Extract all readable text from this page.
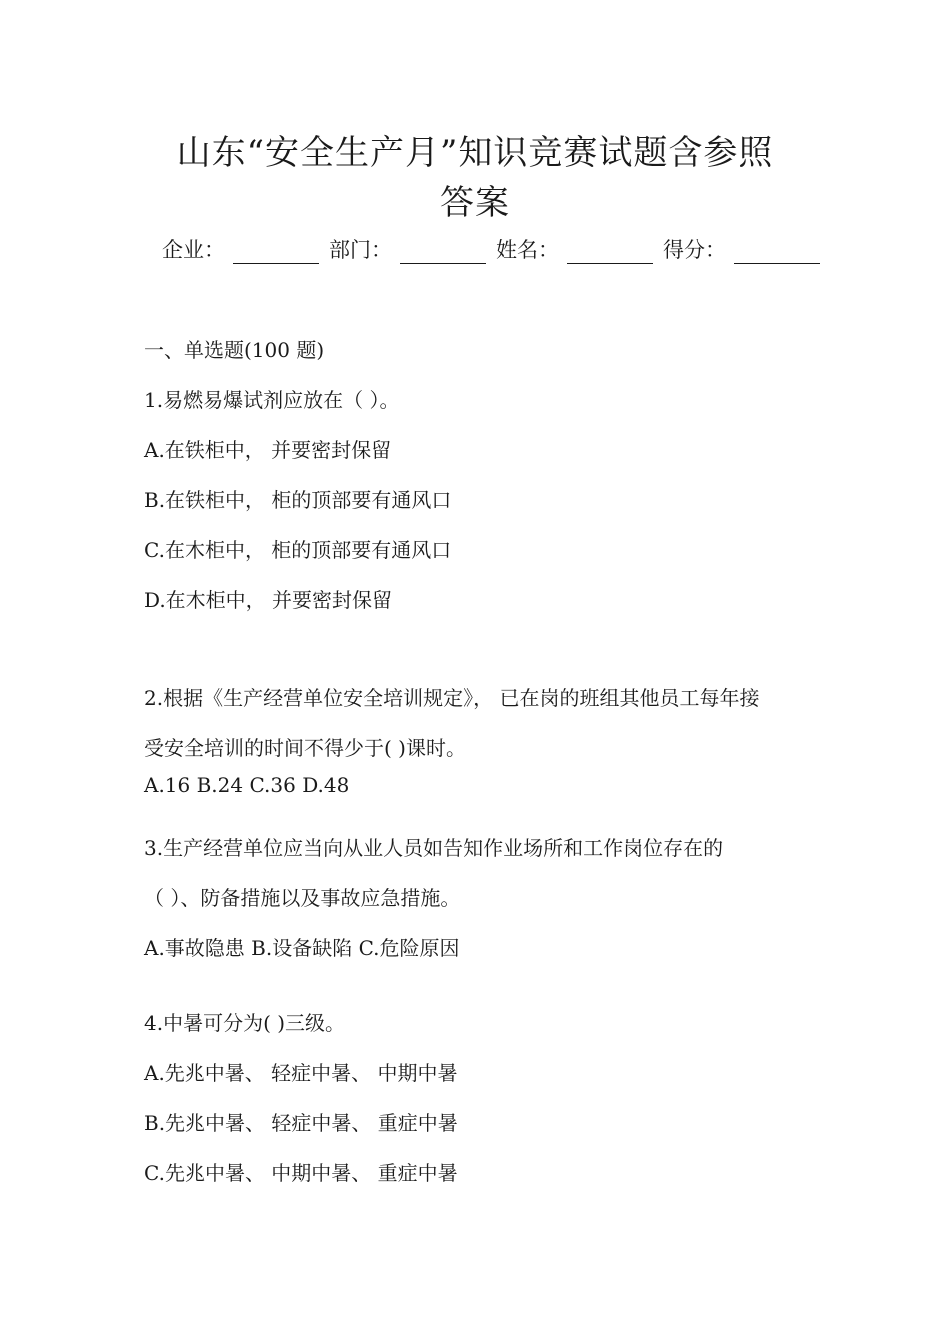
山东“安全生产月”知识竞赛试题含参照
答案
企业：	部门：	姓名：	得分：
一、单选题(100 题)
1.易燃易爆试剂应放在（ ）。
A.在铁柜中， 并要密封保留
B.在铁柜中， 柜的顶部要有通风口
C.在木柜中， 柜的顶部要有通风口
D.在木柜中， 并要密封保留
2.根据《生产经营单位安全培训规定》， 已在岗的班组其他员工每年接
受安全培训的时间不得少于( )课时。
A.16 B.24 C.36 D.48
3.生产经营单位应当向从业人员如告知作业场所和工作岗位存在的
（ ）、防备措施以及事故应急措施。
A.事故隐患 B.设备缺陷 C.危险原因
4.中暑可分为( )三级。
A.先兆中暑、 轻症中暑、 中期中暑
B.先兆中暑、 轻症中暑、 重症中暑
C.先兆中暑、 中期中暑、 重症中暑
